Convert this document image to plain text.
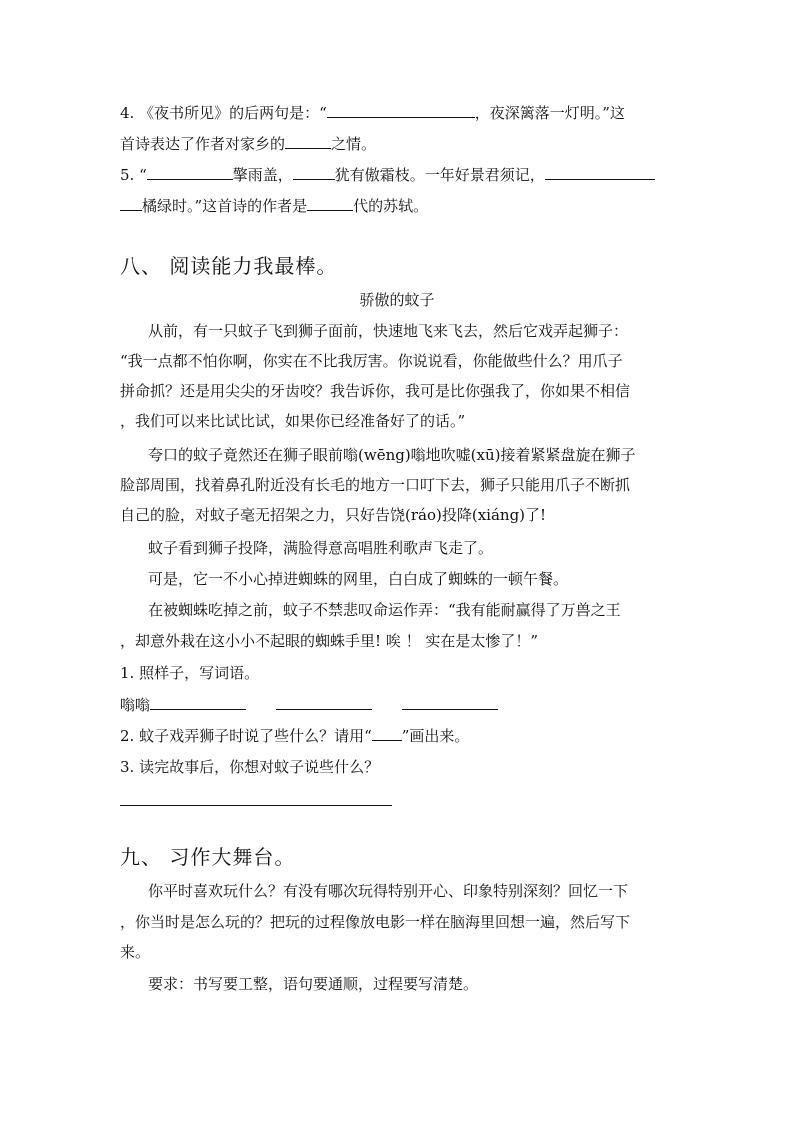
4. 《夜书所见》的后两句是：“	，夜深篱落一灯明。”这
首诗表达了作者对家乡的	之情。
5. “	擎雨盖，	犹有傲霜枝。一年好景君须记，
橘绿时。”这首诗的作者是	代的苏轼。
八、 阅读能力我最棒。
骄傲的蚊子
从前，有一只蚊子飞到狮子面前，快速地飞来飞去，然后它戏弄起狮子：
“我一点都不怕你啊，你实在不比我厉害。你说说看，你能做些什么？用爪子
拼命抓？还是用尖尖的牙齿咬？我告诉你，我可是比你强我了，你如果不相信
，我们可以来比试比试，如果你已经准备好了的话。”
夸口的蚊子竟然还在狮子眼前嗡(wēng)嗡地吹嘘(xū)接着紧紧盘旋在狮子
脸部周围，找着鼻孔附近没有长毛的地方一口叮下去，狮子只能用爪子不断抓
自己的脸，对蚊子毫无招架之力，只好告饶(ráo)投降(xiáng)了!
蚊子看到狮子投降，满脸得意高唱胜利歌声飞走了。
可是，它一不小心掉进蜘蛛的网里，白白成了蜘蛛的一顿午餐。
在被蜘蛛吃掉之前，蚊子不禁悲叹命运作弄：“我有能耐赢得了万兽之王
，却意外栽在这小小不起眼的蜘蛛手里! 唉 ！ 实在是太惨了！”
1. 照样子，写词语。
嗡嗡
2. 蚊子戏弄狮子时说了些什么？请用“ ”画出来。
3. 读完故事后，你想对蚊子说些什么？
九、 习作大舞台。
你平时喜欢玩什么？有没有哪次玩得特别开心、印象特别深刻？回忆一下
，你当时是怎么玩的？把玩的过程像放电影一样在脑海里回想一遍，然后写下
来。
要求：书写要工整，语句要通顺，过程要写清楚。
